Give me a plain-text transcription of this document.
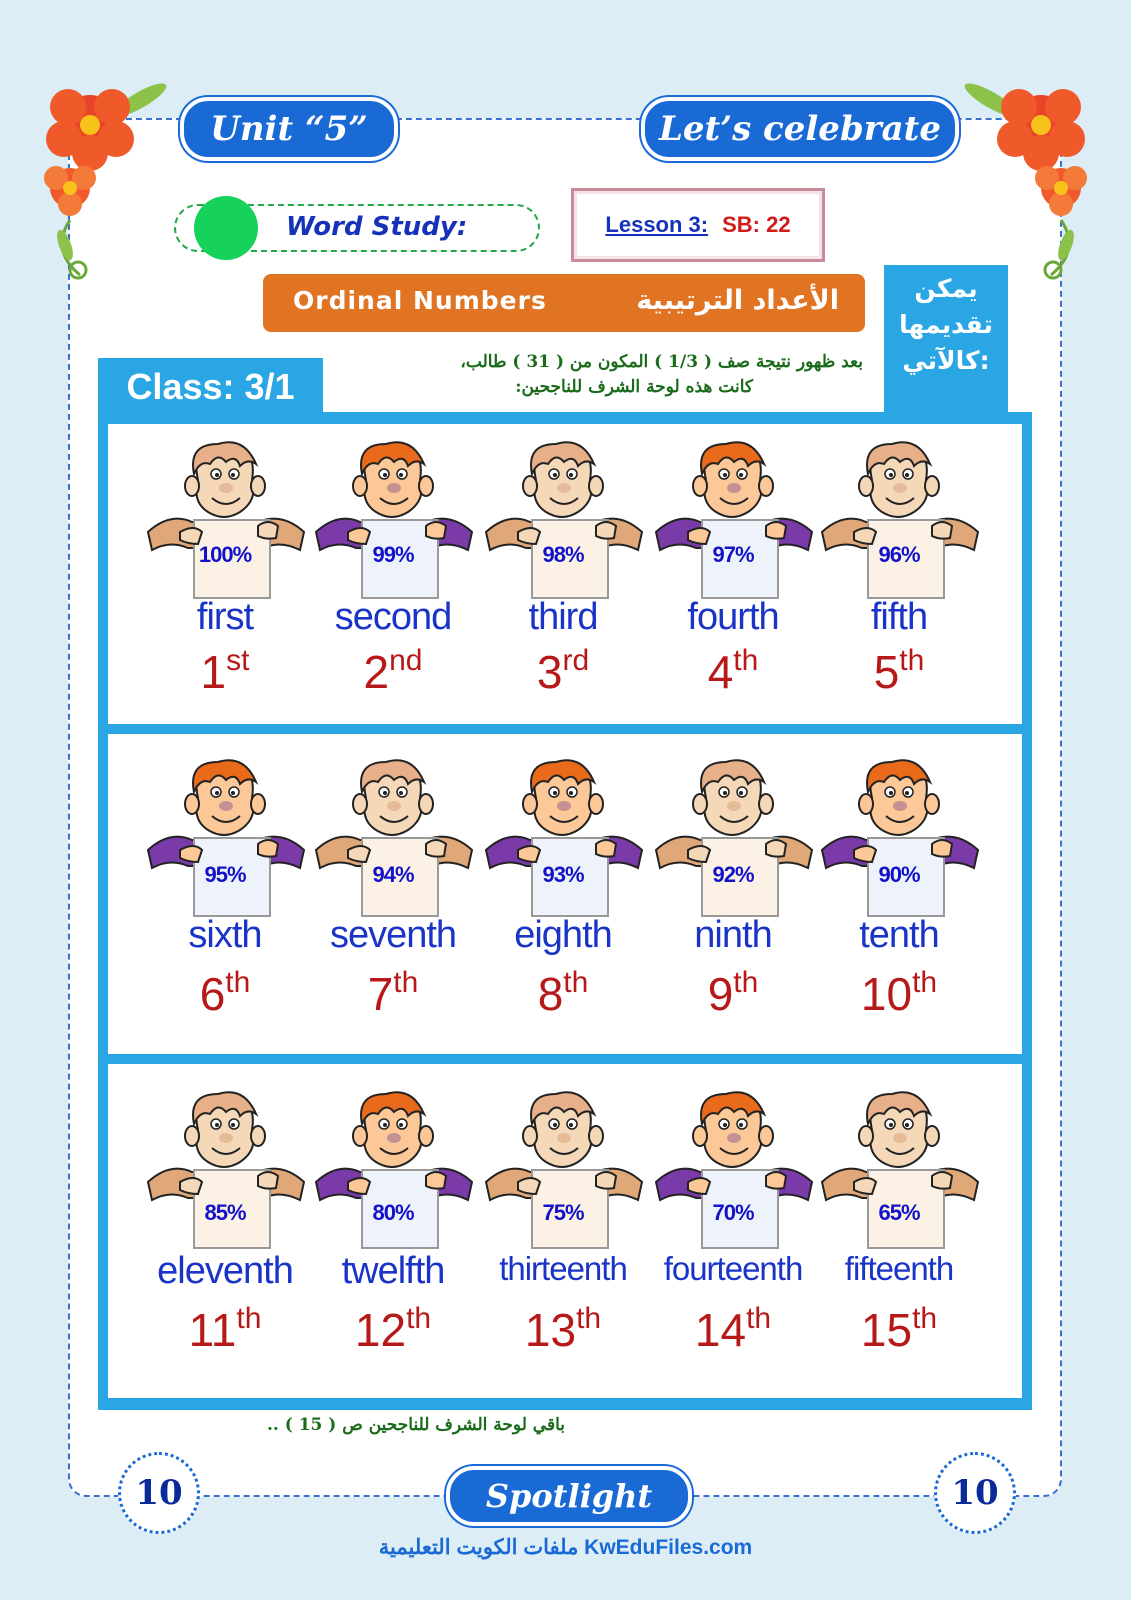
Unit “5”	Let’s celebrate
Word Study:	Lesson 3: SB: 22
Ordinal Numbers	الأعداد الترتيبية	يمكن
تقديمها
كالآتي:
بعد ظهور نتيجة صف ( 1/3 ) المكون من ( 31 ) طالب،
كانت هذه لوحة الشرف للناجحين:
Class: 3/1
100%
first
1st
99%
second
2nd
98%
third
3rd
97%
fourth
4th
96%
fifth
5th
95%
sixth
6th
94%
seventh
7th
93%
eighth
8th
92%
ninth
9th
90%
tenth
10th
85%
eleventh
11th
80%
twelfth
12th
75%
thirteenth
13th
70%
fourteenth
14th
65%
fifteenth
15th
باقي لوحة الشرف للناجحين ص ( 15 ) ..
10	10
Spotlight
ملفات الكويت التعليمية KwEduFiles.com
